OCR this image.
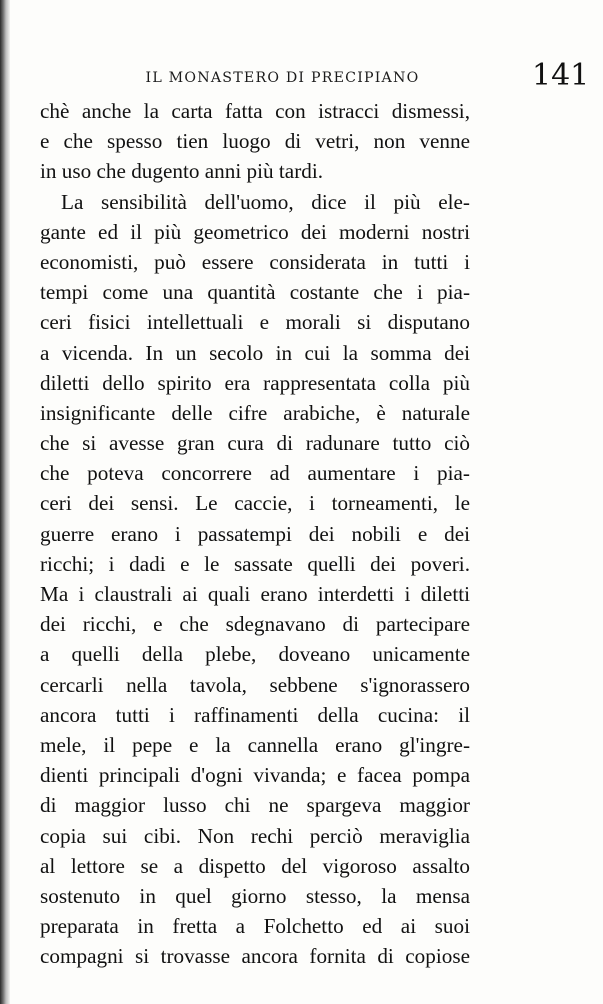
IL MONASTERO DI PRECIPIANO	141
chè anche la carta fatta con istracci dismessi,
e che spesso tien luogo di vetri, non venne
in uso che dugento anni più tardi.
La sensibilità dell'uomo, dice il più ele-
gante ed il più geometrico dei moderni nostri
economisti, può essere considerata in tutti i
tempi come una quantità costante che i pia-
ceri fisici intellettuali e morali si disputano
a vicenda. In un secolo in cui la somma dei
diletti dello spirito era rappresentata colla più
insignificante delle cifre arabiche, è naturale
che si avesse gran cura di radunare tutto ciò
che poteva concorrere ad aumentare i pia-
ceri dei sensi. Le caccie, i torneamenti, le
guerre erano i passatempi dei nobili e dei
ricchi; i dadi e le sassate quelli dei poveri.
Ma i claustrali ai quali erano interdetti i diletti
dei ricchi, e che sdegnavano di partecipare
a quelli della plebe, doveano unicamente
cercarli nella tavola, sebbene s'ignorassero
ancora tutti i raffinamenti della cucina: il
mele, il pepe e la cannella erano gl'ingre-
dienti principali d'ogni vivanda; e facea pompa
di maggior lusso chi ne spargeva maggior
copia sui cibi. Non rechi perciò meraviglia
al lettore se a dispetto del vigoroso assalto
sostenuto in quel giorno stesso, la mensa
preparata in fretta a Folchetto ed ai suoi
compagni si trovasse ancora fornita di copiose
